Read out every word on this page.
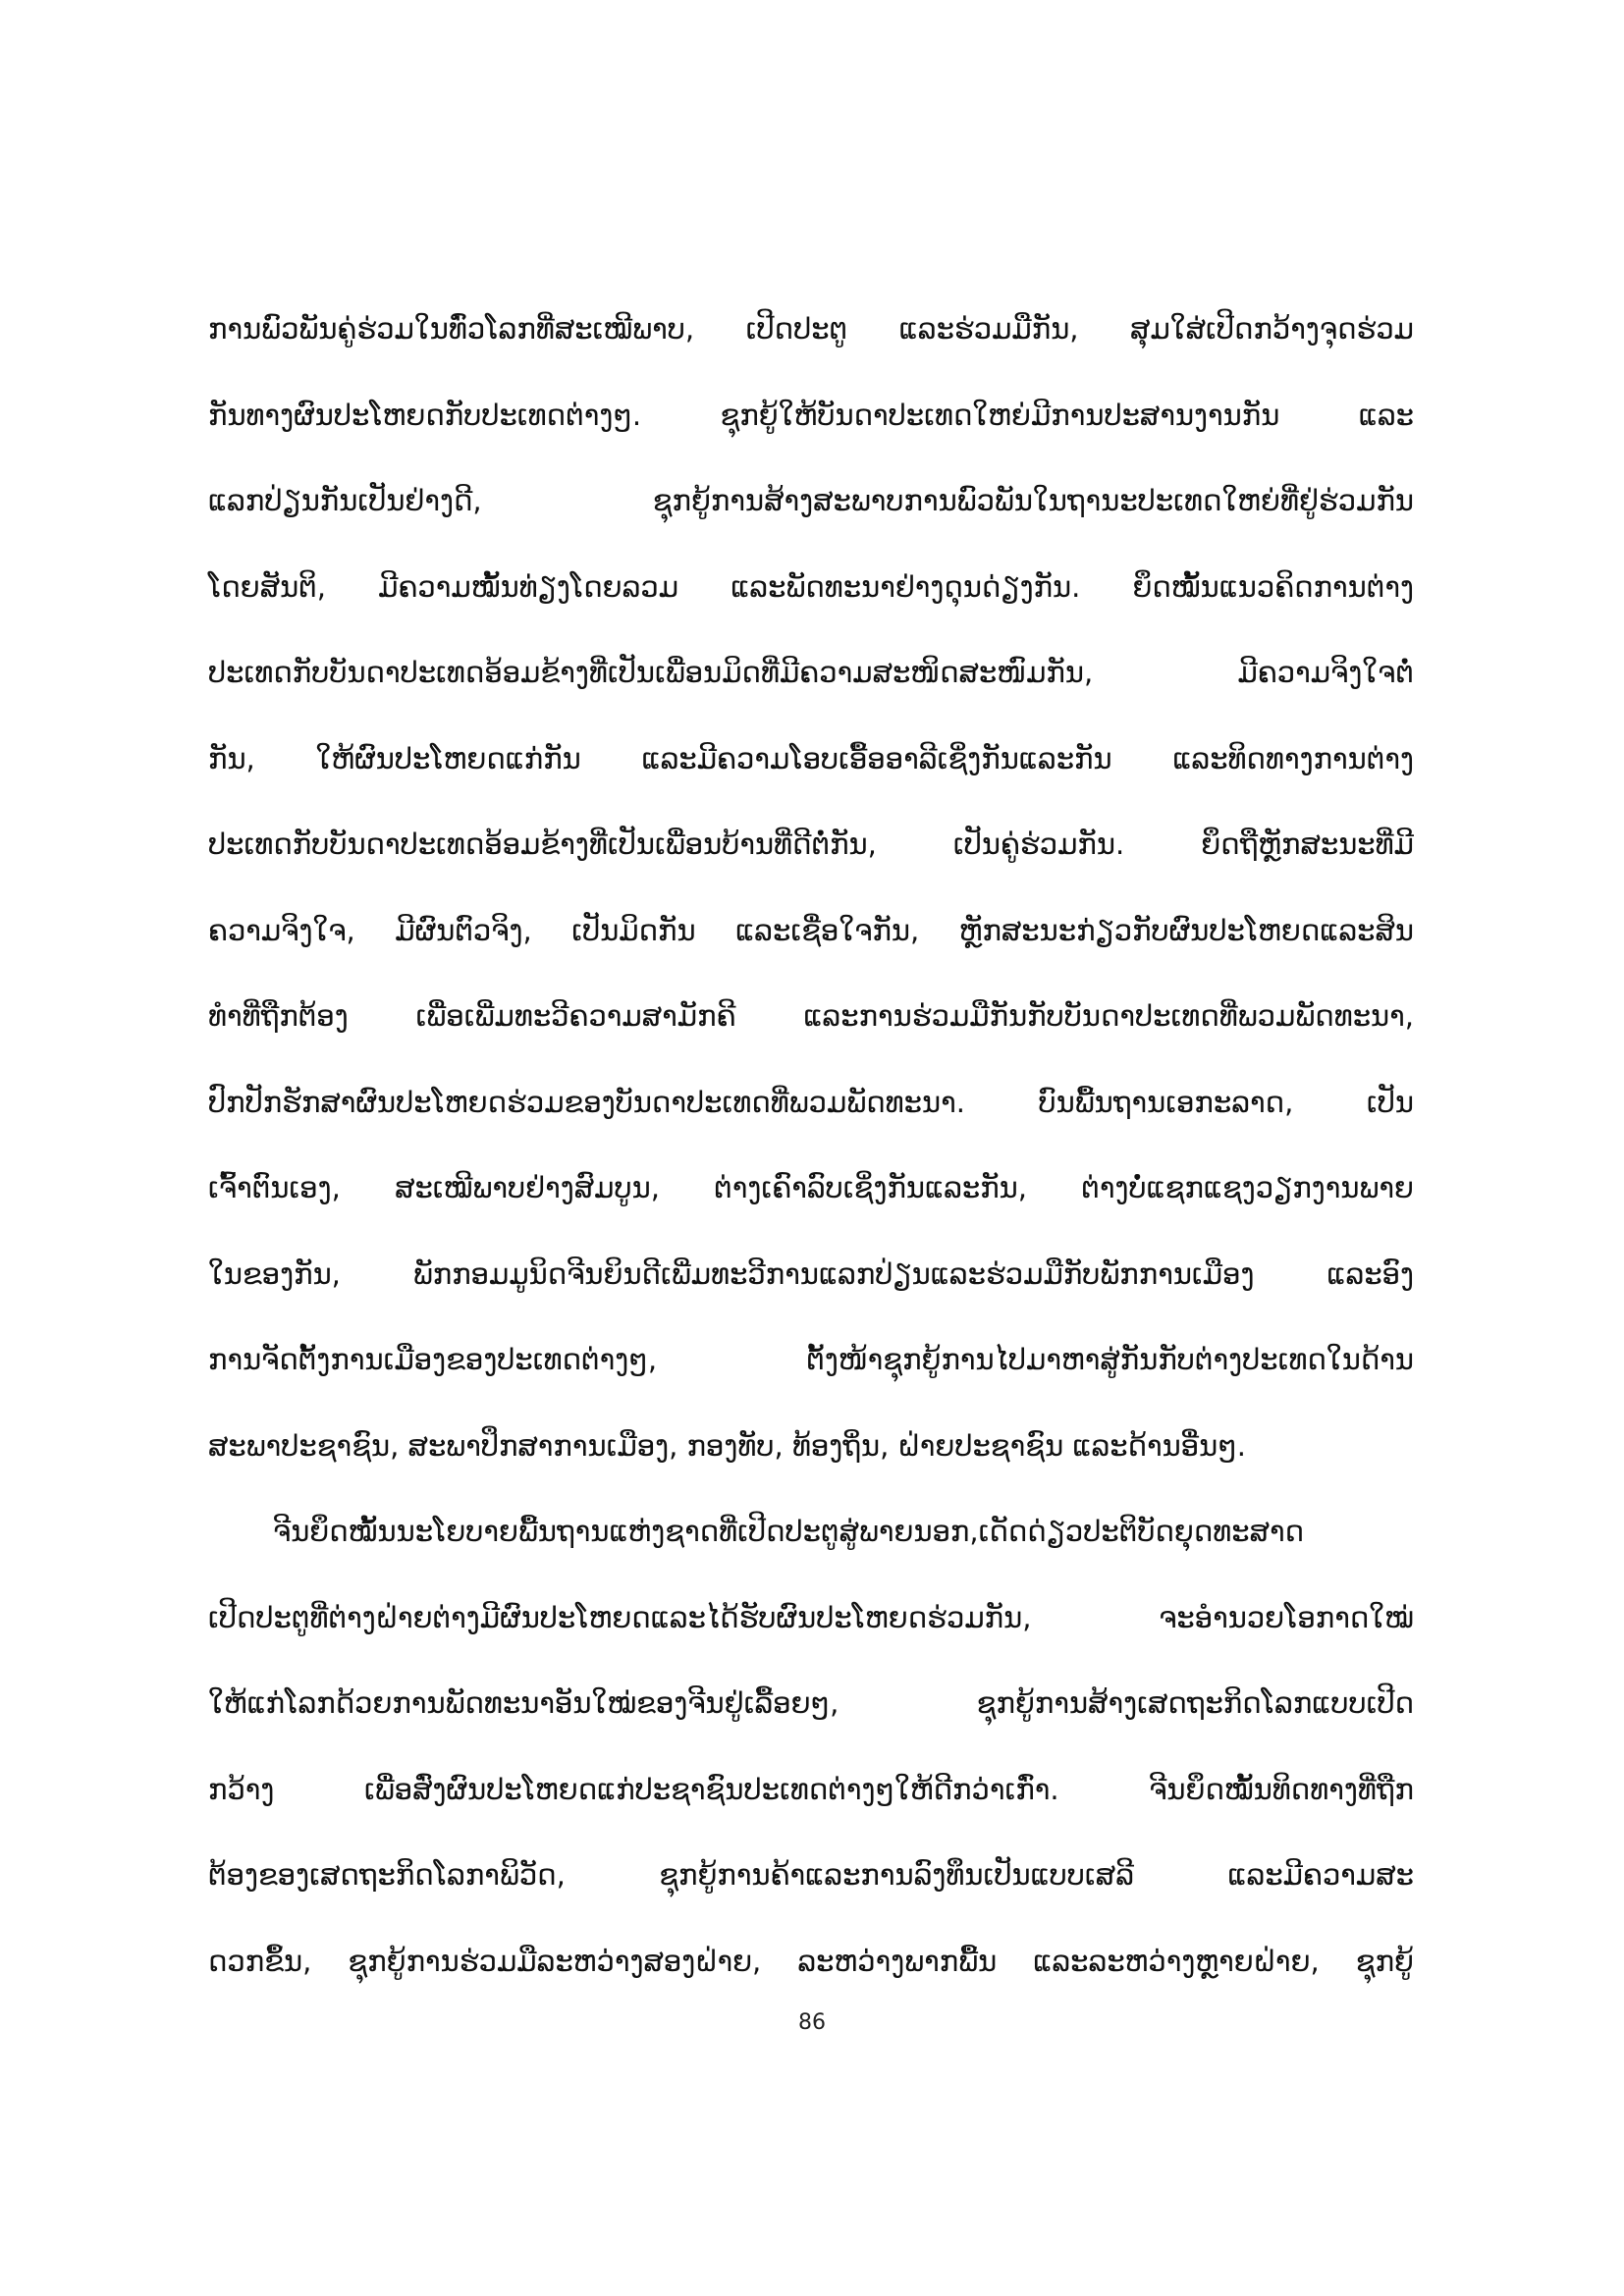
ການພົວພັນຄູ່ຮ່ວມໃນທົ່ວໂລກທີ່ສະເໝີພາບ, ເປີດປະຕູ ແລະຮ່ວມມືກັນ, ສຸມໃສ່ເປີດກວ້າງຈຸດຮ່ວມ
ກັນທາງຜົນປະໂຫຍດກັບປະເທດຕ່າງໆ. ຊຸກຍູ້ໃຫ້ບັນດາປະເທດໃຫຍ່ມີການປະສານງານກັນ ແລະ
ແລກປ່ຽນກັນເປັນຢ່າງດີ, ຊຸກຍູ້ການສ້າງສະພາບການພົວພັນໃນຖານະປະເທດໃຫຍ່ທີ່ຢູ່ຮ່ວມກັນ
ໂດຍສັນຕິ, ມີຄວາມໝັ້ນທ່ຽງໂດຍລວມ ແລະພັດທະນາຢ່າງດຸນດ່ຽງກັນ. ຍຶດໝັ້ນແນວຄິດການຕ່າງ
ປະເທດກັບບັນດາປະເທດອ້ອມຂ້າງທີ່ເປັນເພື່ອນມິດທີ່ມີຄວາມສະໜິດສະໜົມກັນ, ມີຄວາມຈິງໃຈຕໍ່
ກັນ, ໃຫ້ຜົນປະໂຫຍດແກ່ກັນ ແລະມີຄວາມໂອບເອື້ອອາລີເຊິ່ງກັນແລະກັນ ແລະທິດທາງການຕ່າງ
ປະເທດກັບບັນດາປະເທດອ້ອມຂ້າງທີ່ເປັນເພື່ອນບ້ານທີ່ດີຕໍ່ກັນ, ເປັນຄູ່ຮ່ວມກັນ. ຍຶດຖືຫຼັກສະນະທີ່ມີ
ຄວາມຈິງໃຈ, ມີຜົນຕົວຈິງ, ເປັນມິດກັນ ແລະເຊື່ອໃຈກັນ, ຫຼັກສະນະກ່ຽວກັບຜົນປະໂຫຍດແລະສິນ
ທຳທີ່ຖືກຕ້ອງ ເພື່ອເພີ່ມທະວີຄວາມສາມັກຄີ ແລະການຮ່ວມມືກັນກັບບັນດາປະເທດທີ່ພວມພັດທະນາ,
ປົກປັກຮັກສາຜົນປະໂຫຍດຮ່ວມຂອງບັນດາປະເທດທີ່ພວມພັດທະນາ. ບົນພື້ນຖານເອກະລາດ, ເປັນ
ເຈົ້າຕົນເອງ, ສະເໝີພາບຢ່າງສົມບູນ, ຕ່າງເຄົາລົບເຊິ່ງກັນແລະກັນ, ຕ່າງບໍ່ແຊກແຊງວຽກງານພາຍ
ໃນຂອງກັນ, ພັກກອມມູນິດຈີນຍິນດີເພີ່ມທະວີການແລກປ່ຽນແລະຮ່ວມມືກັບພັກການເມືອງ ແລະອົງ
ການຈັດຕັ້ງການເມືອງຂອງປະເທດຕ່າງໆ, ຕັ້ງໜ້າຊຸກຍູ້ການໄປມາຫາສູ່ກັນກັບຕ່າງປະເທດໃນດ້ານ
ສະພາປະຊາຊົນ, ສະພາປຶກສາການເມືອງ, ກອງທັບ, ທ້ອງຖິ່ນ, ຝ່າຍປະຊາຊົນ ແລະດ້ານອື່ນໆ.
ຈີນຍຶດໝັ້ນນະໂຍບາຍພື້ນຖານແຫ່ງຊາດທີ່ເປີດປະຕູສູ່ພາຍນອກ,ເດັດດ່ຽວປະຕິບັດຍຸດທະສາດ
ເປີດປະຕູທີ່ຕ່າງຝ່າຍຕ່າງມີຜົນປະໂຫຍດແລະໄດ້ຮັບຜົນປະໂຫຍດຮ່ວມກັນ, ຈະອຳນວຍໂອກາດໃໝ່
ໃຫ້ແກ່ໂລກດ້ວຍການພັດທະນາອັນໃໝ່ຂອງຈີນຢູ່ເລື້ອຍໆ, ຊຸກຍູ້ການສ້າງເສດຖະກິດໂລກແບບເປີດ
ກວ້າງ ເພື່ອສົ່ງຜົນປະໂຫຍດແກ່ປະຊາຊົນປະເທດຕ່າງໆໃຫ້ດີກວ່າເກົ່າ. ຈີນຍຶດໝັ້ນທິດທາງທີ່ຖືກ
ຕ້ອງຂອງເສດຖະກິດໂລກາພິວັດ, ຊຸກຍູ້ການຄ້າແລະການລົງທຶນເປັນແບບເສລີ ແລະມີຄວາມສະ
ດວກຂຶ້ນ, ຊຸກຍູ້ການຮ່ວມມືລະຫວ່າງສອງຝ່າຍ, ລະຫວ່າງພາກພື້ນ ແລະລະຫວ່າງຫຼາຍຝ່າຍ, ຊຸກຍູ້
86
